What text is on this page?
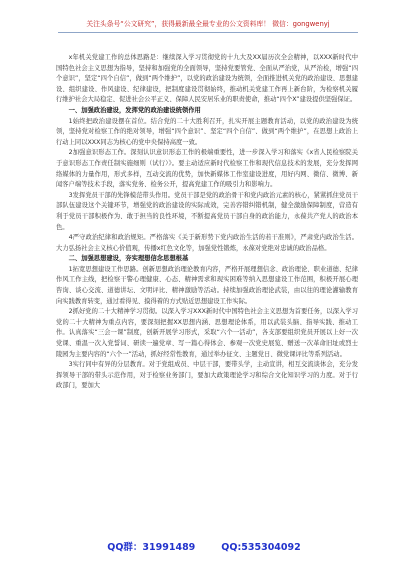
关注头条号“公文研究”，获得最新最全最专业的公文资料库！ 微信：gongwenyj

x年机关党建工作的总体思路是：继续深入学习贯彻党的十九大及XX届历次全会精神，以XXX新时代中国特色社会主义思想为指导，坚持和加强党的全面领导，坚持党要管党、全面从严治党，从严治检，增强“四个意识”，坚定“四个自信”，做到“两个维护”，以党的政治建设为统领，全面推进机关党的政治建设、思想建设、组织建设、作风建设、纪律建设，把制度建设贯彻始终，推动机关党建工作再上新台阶，为检察机关履行维护社会大局稳定、促进社会公平正义、保障人民安居乐业的职责使命，推动“四个X”建设提供坚强保证。

一、加强政治建设，发挥党的政治建设统领作用

1始终把政治建设摆在首位。结合党的二十大胜利召开，扎实开展主题教育活动，以党的政治建设为统领，坚持党对检察工作的绝对领导，增强“四个意识”、坚定“四个自信”、做到“两个维护”，在思想上政治上行动上同以XXX同志为核心的党中央保持高度一致。

2加强意识形态工作。深刻认识意识形态工作的极端重要性，进一步深入学习和落实《x省人民检察院关于意识形态工作责任制实施细则（试行）》。要主动适应新时代检察工作和现代信息技术的发展，充分发挥网络媒体的力量作用，形式多样，互动交流的优势，加快新媒体工作室建设进度，用好内网、微信、微博、新闻客户端等技术手段，落实党务、检务公开，提高党建工作的吸引力和影响力。

3发挥党员干部的先锋模范带头作用。党员干部是党的政治骨干和党内政治元素的核心，紧紧抓住党员干部队伍建设这个关键环节，增强党的政治建设的实际成效，完善容错纠错机制，健全激励保障制度，营造有利于党员干部积极作为、敢于担当的良性环境，不断提高党员干部自身的政治能力，永葆共产党人的政治本色。

4严守政治纪律和政治规矩。严格落实《关于新形势下党内政治生活的若干准则》，严肃党内政治生活。大力弘扬社会主义核心价值观，传播x红色文化等，加强党性锻炼，永葆对党绝对忠诚的政治品格。

二、加强思想建设，夯实理想信念思想根基

1拓宽思想建设工作思路。创新思想政治理论教育内容，严格开展理想信念、政治理论、职业道德、纪律作风工作主线，把检察干警心理健康、心态、精神需求和现实困难等纳入思想建设工作范围，积极开展心理咨询、谈心交流、道德讲坛、文明评比、精神激励等活动。持续加强政治理论武装，由以往的理论灌输教育向实践教育转变，通过看得见、摸得着的方式贴近思想建设工作实际。

2抓好党的二十大精神学习贯彻。以深入学习XXX新时代中国特色社会主义思想为首要任务，以深入学习党的二十大精神为重点内容，要深刻把握XX思想内涵、思想理论体系，用以武装头脑、指导实践、推动工作。认真落实“三会一课”制度，创新开展学习形式，采取“六个一活动”，各支部要组织党员开展以上好一次党课、重温一次入党誓词、研读一遍党章、写一篇心得体会、参观一次党史展览、赠送一次革命旧址或烈士陵园为主要内容的“六个一”活动，抓好经常性教育，通过举办征文、主题党日、微党课评比等系列活动。

3实行同中有异的分层教育。对于党组成员、中层干部，要带头学，主动宣讲，相互交流谈体会，充分发挥领导干部的带头示范作用，对于检察业务部门，要加大政策理论学习和综合文化知识学习的力度。对于行政部门，要加大

QQ群：31991489	QQ:535304092
